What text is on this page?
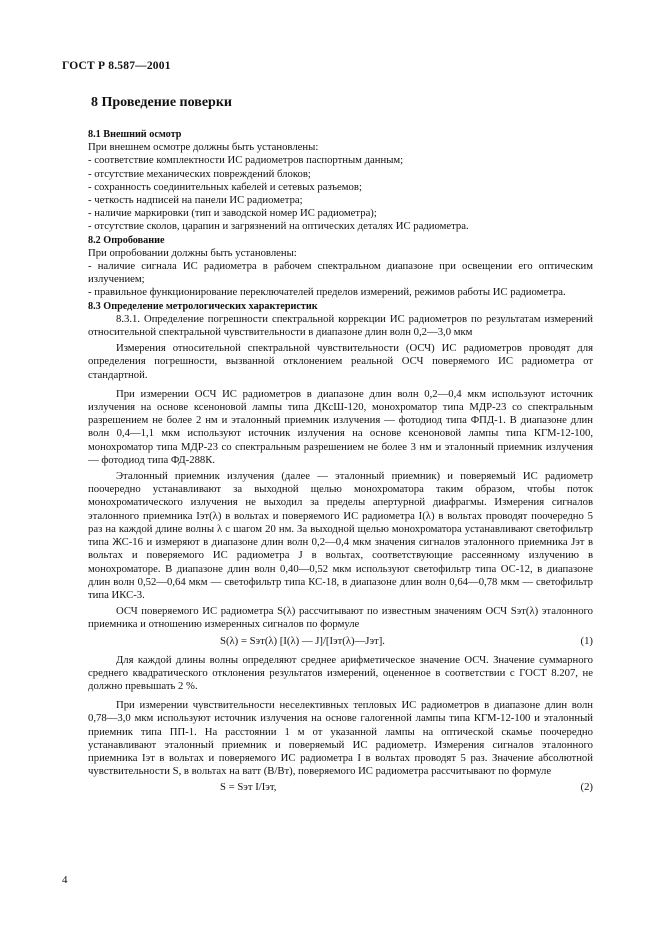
ГОСТ Р 8.587—2001
8 Проведение поверки

8.1 Внешний осмотр

При внешнем осмотре должны быть установлены:

- соответствие комплектности ИС радиометров паспортным данным;

- отсутствие механических повреждений блоков;

- сохранность соединительных кабелей и сетевых разъемов;

- четкость надписей на панели ИС радиометра;

- наличие маркировки (тип и заводской номер ИС радиометра);

- отсутствие сколов, царапин и загрязнений на оптических деталях ИС радиометра.

8.2 Опробование

При опробовании должны быть установлены:

- наличие сигнала ИС радиометра в рабочем спектральном диапазоне при освещении его оптическим излучением;

- правильное функционирование переключателей пределов измерений, режимов работы ИС радиометра.

8.3 Определение метрологических характеристик

8.3.1. Определение погрешности спектральной коррекции ИС радиометров по результатам измерений относительной спектральной чувствительности в диапазоне длин волн 0,2—3,0 мкм

Измерения относительной спектральной чувствительности (ОСЧ) ИС радиометров проводят для определения погрешности, вызванной отклонением реальной ОСЧ поверяемого ИС радиометра от стандартной.

При измерении ОСЧ ИС радиометров в диапазоне длин волн 0,2—0,4 мкм используют источник излучения на основе ксеноновой лампы типа ДКсШ-120, монохроматор типа МДР-23 со спектральным разрешением не более 2 нм и эталонный приемник излучения — фотодиод типа ФПД-1. В диапазоне длин волн 0,4—1,1 мкм используют источник излучения на основе ксеноновой лампы типа КГМ-12-100, монохроматор типа МДР-23 со спектральным разрешением не более 3 нм и эталонный приемник излучения — фотодиод типа ФД-288К.

Эталонный приемник излучения (далее — эталонный приемник) и поверяемый ИС радиометр поочередно устанавливают за выходной щелью монохроматора таким образом, чтобы поток монохроматического излучения не выходил за пределы апертурной диафрагмы. Измерения сигналов эталонного приемника Iэт(λ) в вольтах и поверяемого ИС радиометра I(λ) в вольтах проводят поочередно 5 раз на каждой длине волны λ с шагом 20 нм. За выходной щелью монохроматора устанавливают светофильтр типа ЖС-16 и измеряют в диапазоне длин волн 0,2—0,4 мкм значения сигналов эталонного приемника Jэт в вольтах и поверяемого ИС радиометра J в вольтах, соответствующие рассеянному излучению в монохроматоре. В диапазоне длин волн 0,40—0,52 мкм используют светофильтр типа ОС-12, в диапазоне длин волн 0,52—0,64 мкм — светофильтр типа КС-18, в диапазоне длин волн 0,64—0,78 мкм — светофильтр типа ИКС-3.

ОСЧ поверяемого ИС радиометра S(λ) рассчитывают по известным значениям ОСЧ Sэт(λ) эталонного приемника и отношению измеренных сигналов по формуле

S(λ) = Sэт(λ) [I(λ) — J]/[Iэт(λ)—Jэт].	(1)

Для каждой длины волны определяют среднее арифметическое значение ОСЧ. Значение суммарного среднего квадратического отклонения результатов измерений, оцененное в соответствии с ГОСТ 8.207, не должно превышать 2 %.

При измерении чувствительности неселективных тепловых ИС радиометров в диапазоне длин волн 0,78—3,0 мкм используют источник излучения на основе галогенной лампы типа КГМ-12-100 и эталонный приемник типа ПП-1. На расстоянии 1 м от указанной лампы на оптической скамье поочередно устанавливают эталонный приемник и поверяемый ИС радиометр. Измерения сигналов эталонного приемника Iэт в вольтах и поверяемого ИС радиометра I в вольтах проводят 5 раз. Значение абсолютной чувствительности S, в вольтах на ватт (В/Вт), поверяемого ИС радиометра рассчитывают по формуле

S = Sэт I/Iэт,	(2)

4
